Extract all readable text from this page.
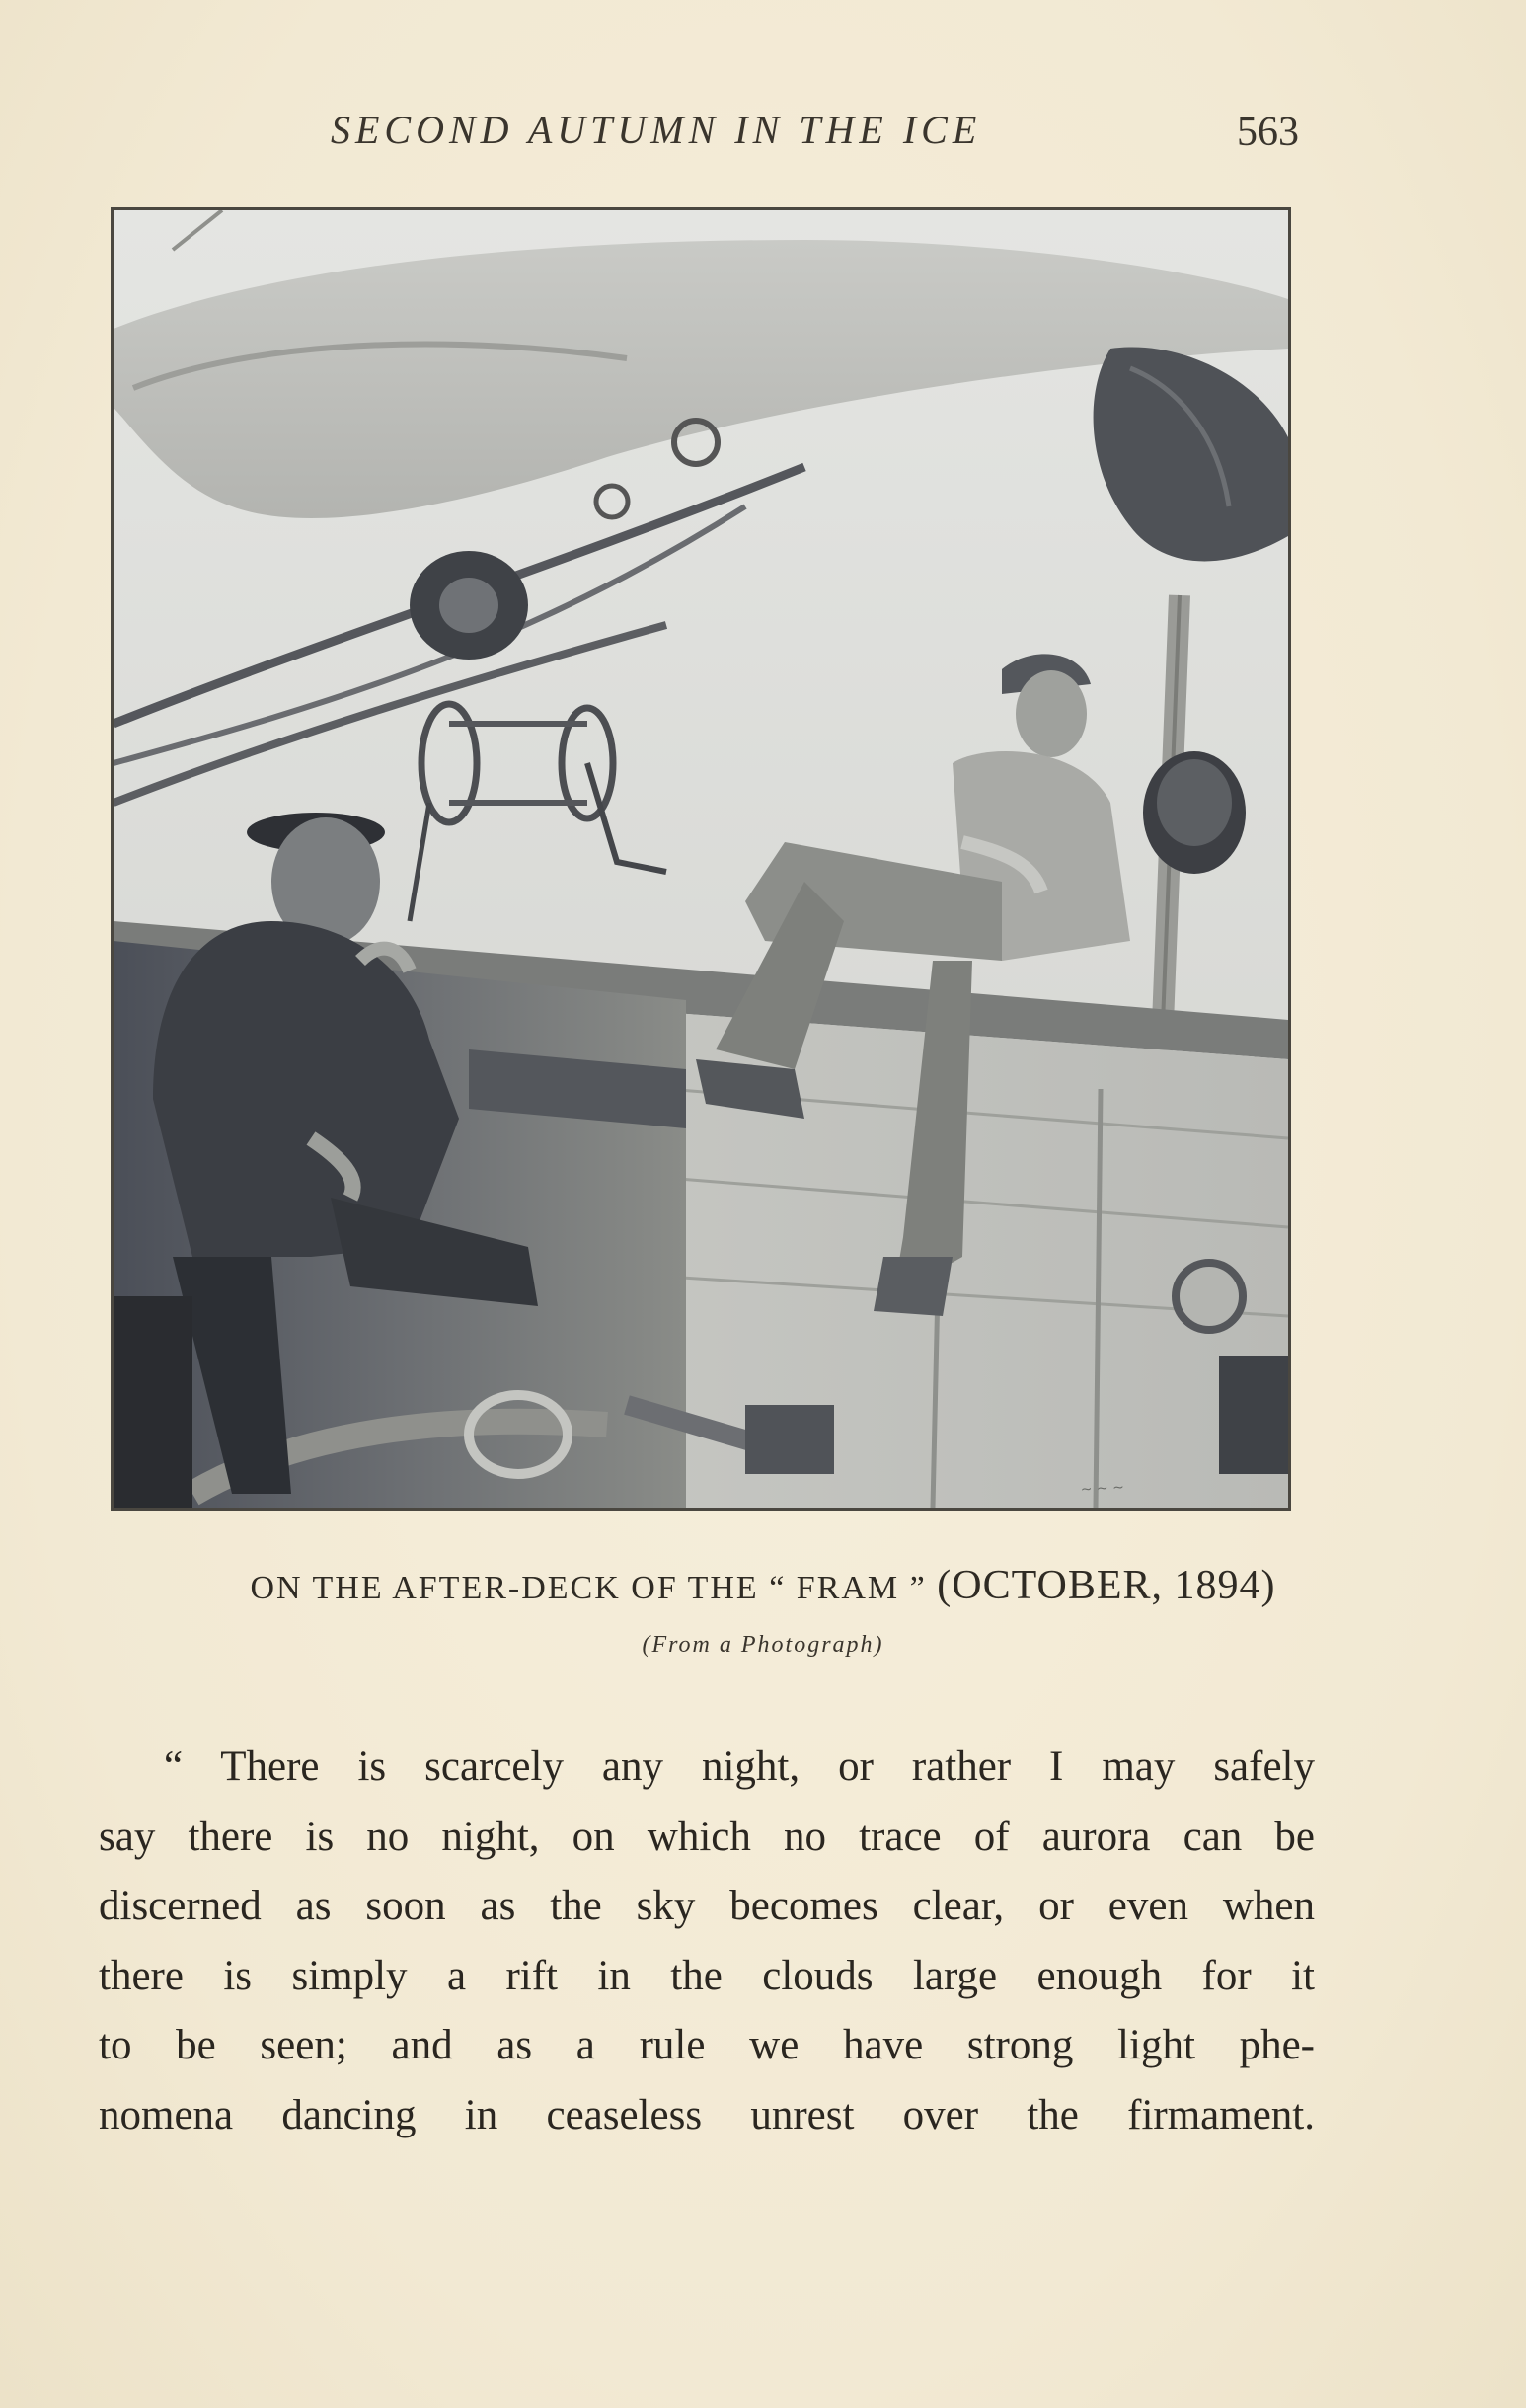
SECOND AUTUMN IN THE ICE	563
~ ~ ~
ON THE AFTER-DECK OF THE “ FRAM ” (OCTOBER, 1894)
(From a Photograph)
“ There is scarcely any night, or rather I may safely
say there is no night, on which no trace of aurora can be
discerned as soon as the sky becomes clear, or even when
there is simply a rift in the clouds large enough for it
to be seen; and as a rule we have strong light phe-
nomena dancing in ceaseless unrest over the firmament.
